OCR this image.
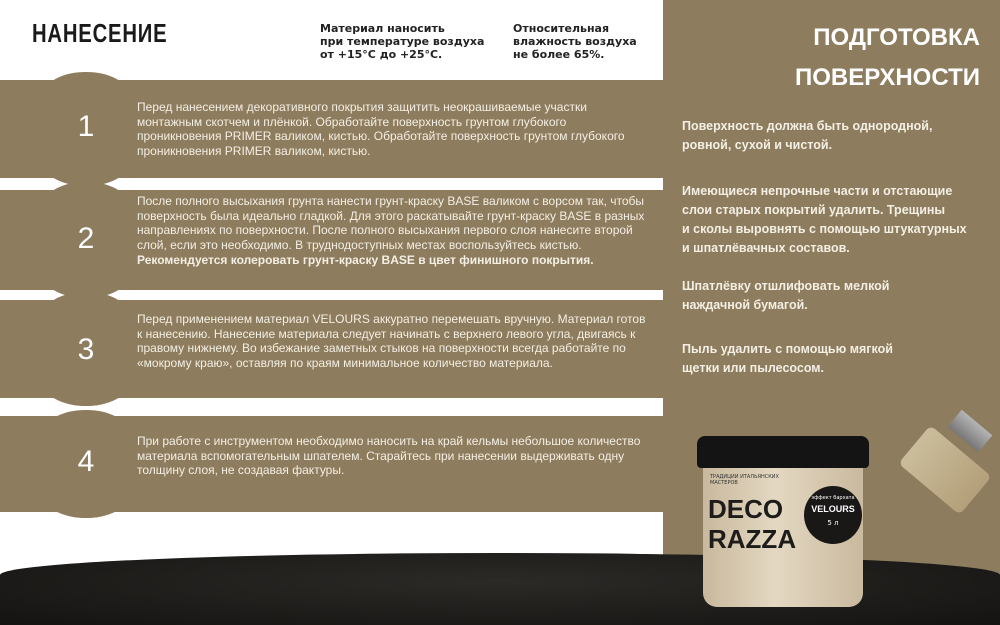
НАНЕСЕНИЕ	Материал наносить
при температуре воздуха
от +15°C до +25°C.
Относительная
влажность воздуха
не более 65%.
1
Перед нанесением декоративного покрытия защитить неокрашиваемые участки монтажным скотчем и плёнкой. Обработайте поверхность грунтом глубокого проникновения PRIMER валиком, кистью. Обработайте поверхность грунтом глубокого проникновения PRIMER валиком, кистью.
2
После полного высыхания грунта нанести грунт-краску BASE валиком с ворсом так, чтобы поверхность была идеально гладкой. Для этого раскатывайте грунт-краску BASE в разных направлениях по поверхности. После полного высыхания первого слоя нанесите второй слой, если это необходимо. В труднодоступных местах воспользуйтесь кистью. Рекомендуется колеровать грунт-краску BASE в цвет финишного покрытия.
3
Перед применением материал VELOURS аккуратно перемешать вручную. Материал готов к нанесению. Нанесение материала следует начинать с верхнего левого угла, двигаясь к правому нижнему. Во избежание заметных стыков на поверхности всегда работайте по «мокрому краю», оставляя по краям минимальное количество материала.
4
При работе с инструментом необходимо наносить на край кельмы небольшое количество материала вспомогательным шпателем. Старайтесь при нанесении выдерживать одну толщину слоя, не создавая фактуры.
ПОДГОТОВКА
ПОВЕРХНОСТИ
Поверхность должна быть однородной,
ровной, сухой и чистой.
Имеющиеся непрочные части и отстающие
слои старых покрытий удалить. Трещины
и сколы выровнять с помощью штукатурных
и шпатлёвачных составов.
Шпатлёвку отшлифовать мелкой
наждачной бумагой.
Пыль удалить с помощью мягкой
щетки или пылесосом.
ТРАДИЦИИ ИТАЛЬЯНСКИХ МАСТЕРОВ
DECO RAZZA
эффект бархата
VELOURS
5 л
